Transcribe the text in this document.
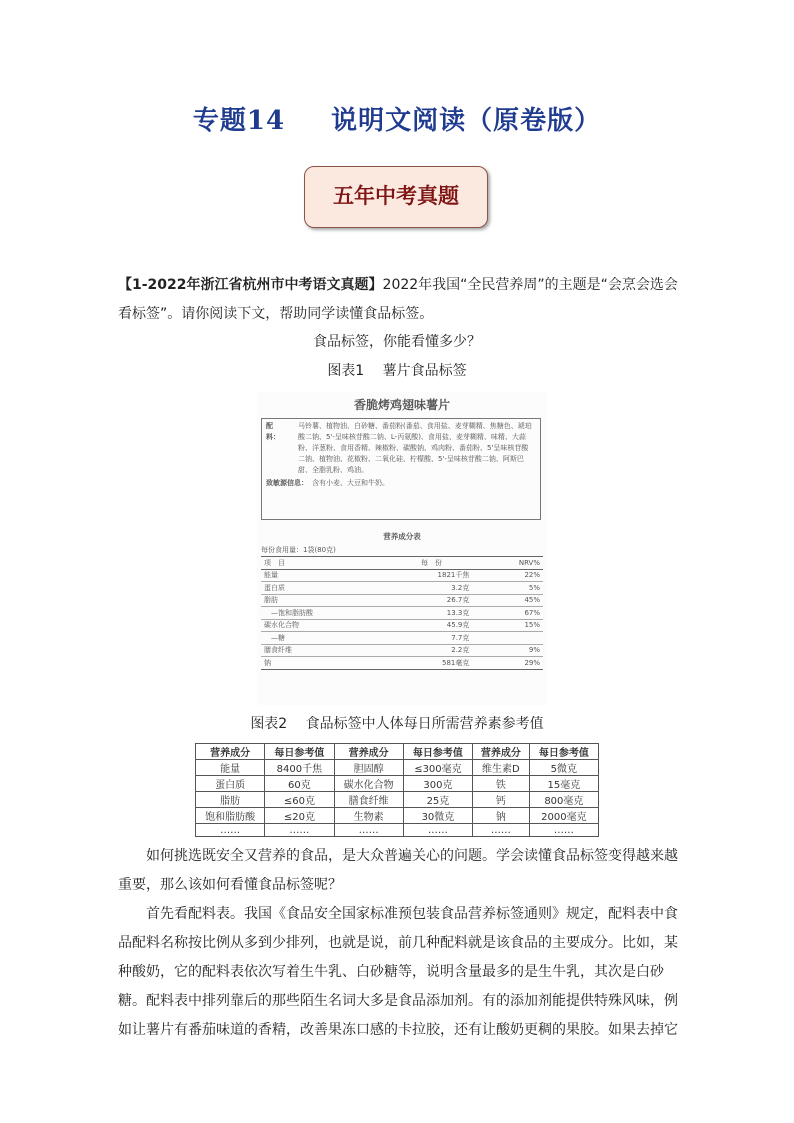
专题14 说明文阅读（原卷版）
五年中考真题
【1-2022年浙江省杭州市中考语文真题】2022年我国“全民营养周”的主题是“会烹会选会看标签”。请你阅读下文，帮助同学读懂食品标签。
食品标签，你能看懂多少？
图表1　 薯片食品标签
香脆烤鸡翅味薯片
配　　料：马铃薯、植物油、白砂糖、番茄粉(番茄、食用盐、麦芽糊精、焦糖色、琥珀酸二钠、5'-呈味核苷酸二钠、L-丙氨酸)、食用盐、麦芽糊精、味精、大蒜粉、洋葱粉、食用香精、辣椒粉、碳酸钠、鸡肉粉、番茄粉、5'呈味核苷酸二钠、植物油、花椒粉、二氧化硅、柠檬酸、5'-呈味核苷酸二钠、阿斯巴甜、全脂乳粉、鸡油。
致敏源信息： 含有小麦、大豆和牛奶。
营养成分表
每份食用量：1袋(80克)
项　目	每　份	NRV%
能量	1821千焦	22%
蛋白质	3.2克	5%
脂肪	26.7克	45%
—饱和脂肪酸	13.3克	67%
碳水化合物	45.9克	15%
—糖	7.7克	
膳食纤维	2.2克	9%
钠	581毫克	29%
图表2　 食品标签中人体每日所需营养素参考值
营养成分	每日参考值	营养成分	每日参考值	营养成分	每日参考值
能量	8400千焦	胆固醇	≤300毫克	维生素D	5微克
蛋白质	60克	碳水化合物	300克	铁	15毫克
脂肪	≤60克	膳食纤维	25克	钙	800毫克
饱和脂肪酸	≤20克	生物素	30微克	钠	2000毫克
……	……	……	……	……	……
如何挑选既安全又营养的食品，是大众普遍关心的问题。学会读懂食品标签变得越来越重要，那么该如何看懂食品标签呢？
首先看配料表。我国《食品安全国家标准预包装食品营养标签通则》规定，配料表中食品配料名称按比例从多到少排列，也就是说，前几种配料就是该食品的主要成分。比如，某种酸奶，它的配料表依次写着生牛乳、白砂糖等，说明含量最多的是生牛乳，其次是白砂糖。 配料表中排列靠后的那些陌生名词大多是食品添加剂。有的添加剂能提供特殊风味，例如让薯片有番茄味道的香精，改善果冻口感的卡拉胶，还有让酸奶更稠的果胶。如果去掉它
